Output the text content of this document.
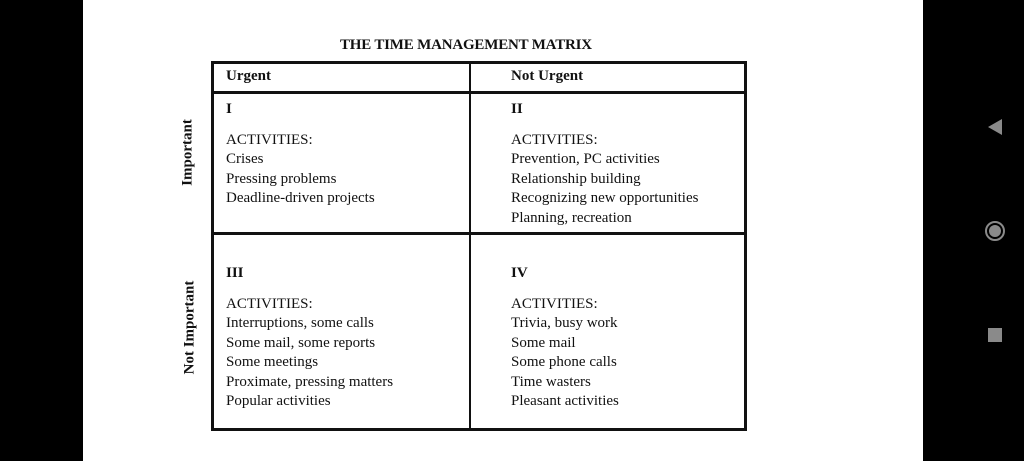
THE TIME MANAGEMENT MATRIX
Important
Not Important
Urgent	Not Urgent
I
ACTIVITIES:
Crises
Pressing problems
Deadline-driven projects
II
ACTIVITIES:
Prevention, PC activities
Relationship building
Recognizing new opportunities
Planning, recreation
III
ACTIVITIES:
Interruptions, some calls
Some mail, some reports
Some meetings
Proximate, pressing matters
Popular activities
IV
ACTIVITIES:
Trivia, busy work
Some mail
Some phone calls
Time wasters
Pleasant activities
